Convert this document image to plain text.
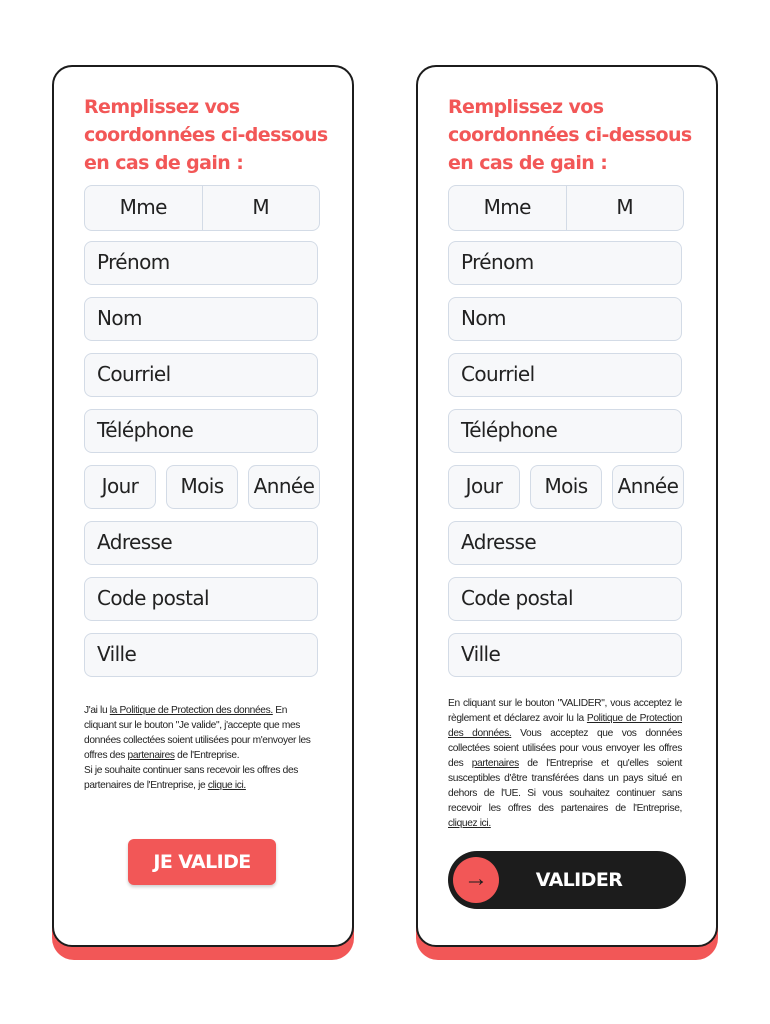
Remplissez vos coordonnées ci-dessous en cas de gain :
Mme	M
Prénom
Nom
Courriel
Téléphone
Jour	Mois	Année
Adresse
Code postal
Ville
J'ai lu la Politique de Protection des données. En cliquant sur le bouton "Je valide", j'accepte que mes données collectées soient utilisées pour m'envoyer les offres des partenaires de l'Entreprise.
Si je souhaite continuer sans recevoir les offres des partenaires de l'Entreprise, je clique ici.
JE VALIDE
Remplissez vos coordonnées ci-dessous en cas de gain :
Mme	M
Prénom
Nom
Courriel
Téléphone
Jour	Mois	Année
Adresse
Code postal
Ville
En cliquant sur le bouton "VALIDER", vous acceptez le règlement et déclarez avoir lu la Politique de Protection des données. Vous acceptez que vos données collectées soient utilisées pour vous envoyer les offres des partenaires de l'Entreprise et qu'elles soient susceptibles d'être transférées dans un pays situé en dehors de l'UE. Si vous souhaitez continuer sans recevoir les offres des partenaires de l'Entreprise, cliquez ici.
→	VALIDER
